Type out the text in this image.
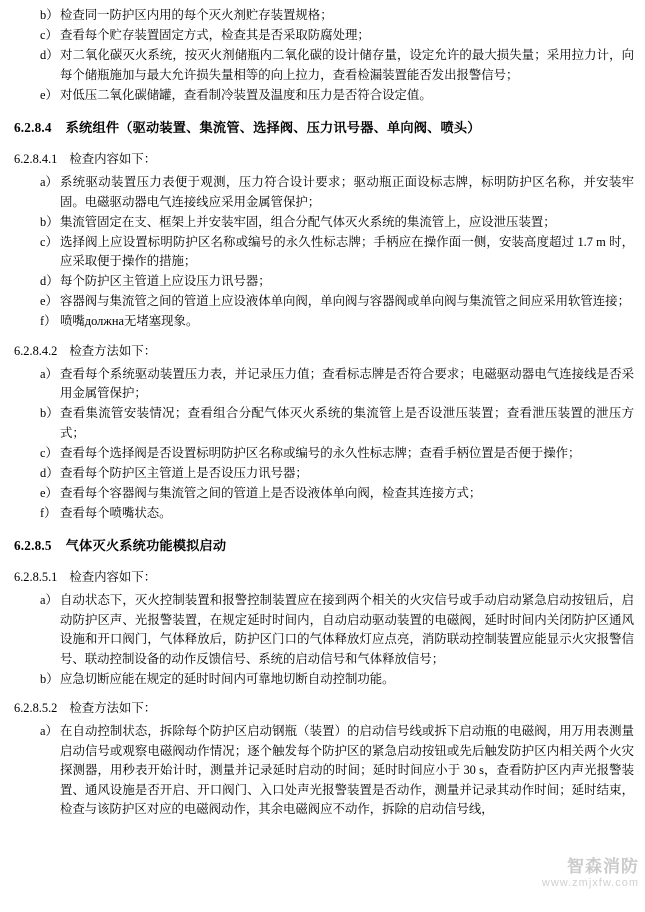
b） 检查同一防护区内用的每个灭火剂贮存装置规格；
c） 查看每个贮存装置固定方式，检查其是否采取防腐处理；
d） 对二氧化碳灭火系统，按灭火剂储瓶内二氧化碳的设计储存量，设定允许的最大损失量；采用拉力计，向每个储瓶施加与最大允许损失量相等的向上拉力，查看检漏装置能否发出报警信号；
e） 对低压二氧化碳储罐，查看制冷装置及温度和压力是否符合设定值。
6.2.8.4 系统组件（驱动装置、集流管、选择阀、压力讯号器、单向阀、喷头）
6.2.8.4.1 检查内容如下：
a） 系统驱动装置压力表便于观测，压力符合设计要求；驱动瓶正面设标志牌，标明防护区名称，并安装牢固。电磁驱动器电气连接线应采用金属管保护；
b） 集流管固定在支、框架上并安装牢固，组合分配气体灭火系统的集流管上，应设泄压装置；
c） 选择阀上应设置标明防护区名称或编号的永久性标志牌；手柄应在操作面一侧，安装高度超过 1.7 m 时，应采取便于操作的措施；
d） 每个防护区主管道上应设压力讯号器；
e） 容器阀与集流管之间的管道上应设液体单向阀，单向阀与容器阀或单向阀与集流管之间应采用软管连接；
f） 喷嘴должна无堵塞现象。
6.2.8.4.2 检查方法如下：
a） 查看每个系统驱动装置压力表，并记录压力值；查看标志牌是否符合要求；电磁驱动器电气连接线是否采用金属管保护；
b） 查看集流管安装情况；查看组合分配气体灭火系统的集流管上是否设泄压装置；查看泄压装置的泄压方式；
c） 查看每个选择阀是否设置标明防护区名称或编号的永久性标志牌；查看手柄位置是否便于操作；
d） 查看每个防护区主管道上是否设压力讯号器；
e） 查看每个容器阀与集流管之间的管道上是否设液体单向阀，检查其连接方式；
f） 查看每个喷嘴状态。
6.2.8.5 气体灭火系统功能模拟启动
6.2.8.5.1 检查内容如下：
a） 自动状态下，灭火控制装置和报警控制装置应在接到两个相关的火灾信号或手动启动紧急启动按钮后，启动防护区声、光报警装置，在规定延时时间内，自动启动驱动装置的电磁阀，延时时间内关闭防护区通风设施和开口阀门，气体释放后，防护区门口的气体释放灯应点亮，消防联动控制装置应能显示火灾报警信号、联动控制设备的动作反馈信号、系统的启动信号和气体释放信号；
b） 应急切断应能在规定的延时时间内可靠地切断自动控制功能。
6.2.8.5.2 检查方法如下：
a） 在自动控制状态，拆除每个防护区启动钢瓶（装置）的启动信号线或拆下启动瓶的电磁阀，用万用表测量启动信号或观察电磁阀动作情况；逐个触发每个防护区的紧急启动按钮或先后触发防护区内相关两个火灾探测器，用秒表开始计时，测量并记录延时启动的时间；延时时间应小于 30 s，查看防护区内声光报警装置、通风设施是否开启、开口阀门、入口处声光报警装置是否动作，测量并记录其动作时间；延时结束，检查与该防护区对应的电磁阀动作，其余电磁阀应不动作，拆除的启动信号线，
智森消防
www.zmjxfw.com
